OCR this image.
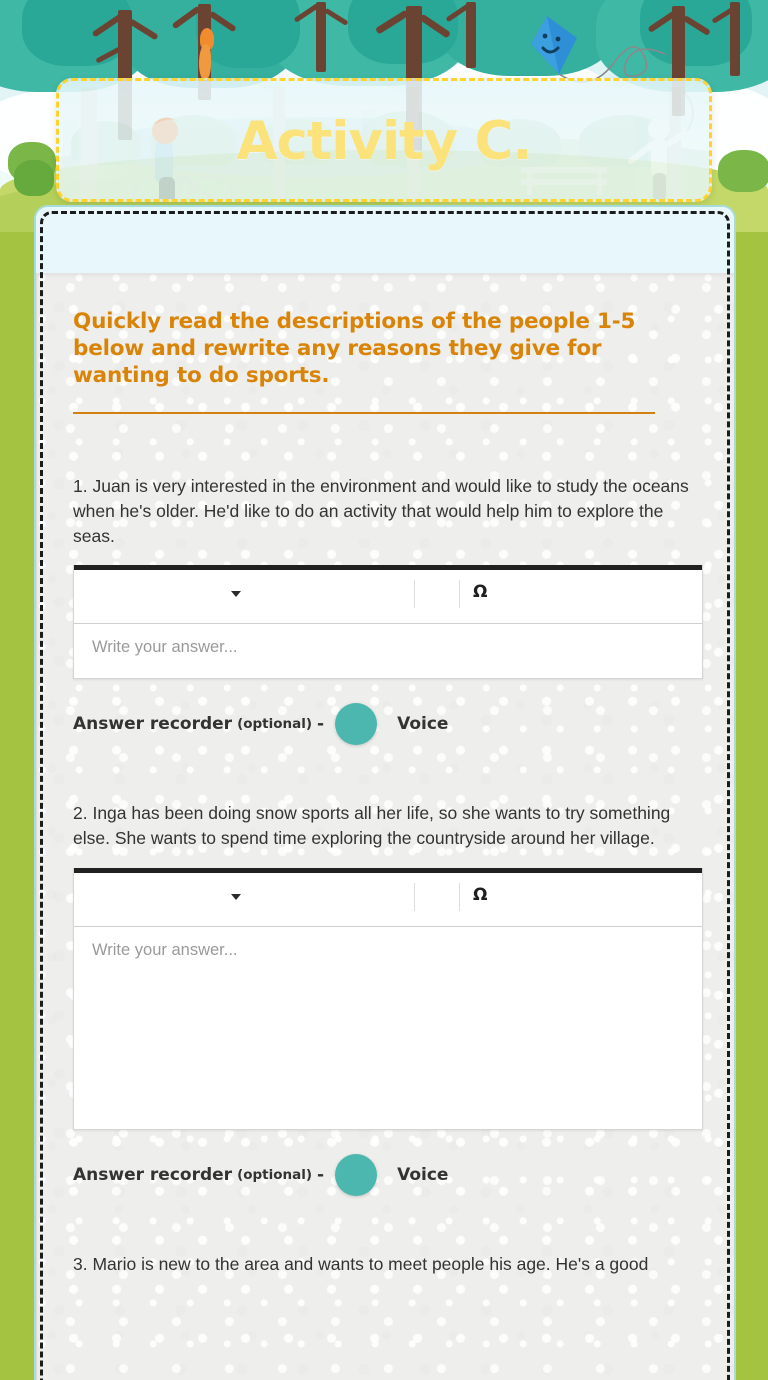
Activity C.
Quickly read the descriptions of the people 1-5 below and rewrite any reasons they give for wanting to do sports.
1. Juan is very interested in the environment and would like to study the oceans when he's older. He'd like to do an activity that would help him to explore the seas.
Ω
Write your answer...
Answer recorder (optional) -	Voice
2. Inga has been doing snow sports all her life, so she wants to try something else. She wants to spend time exploring the countryside around her village.
Ω
Write your answer...
Answer recorder (optional) -	Voice
3. Mario is new to the area and wants to meet people his age. He's a good
